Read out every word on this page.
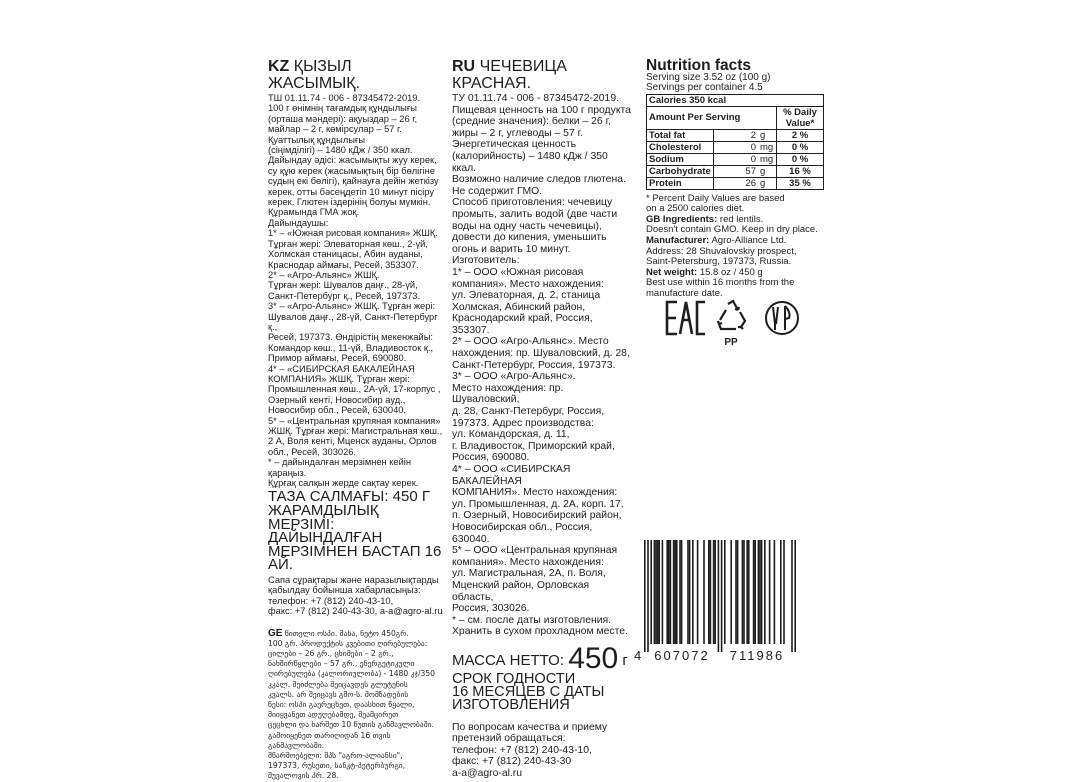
KZ ҚЫЗЫЛ ЖАСЫМЫҚ.
ТШ 01.11.74 - 006 - 87345472-2019.
100 г өнімнің тағамдық құндылығы
(орташа мәндері): ақуыздар – 26 г,
майлар – 2 г, көмірсулар – 57 г.
Қуаттылық құндылығы
(сіңімділігі) – 1480 кДж / 350 ккал.
Дайындау әдісі: жасымықты жуу керек,
су құю керек (жасымықтың бір бөлігіне
судың екі бөлігі), қайнауға дейін жеткізу
керек, отты бәсеңдетіп 10 минут пісіру
керек. Глютен іздерінің болуы мүмкін.
Құрамында ГМА жоқ.
Дайындаушы:
1* – «Южная рисовая компания» ЖШҚ.
Тұрған жері: Элеваторная көш., 2-үй,
Холмская станицасы, Абин ауданы,
Краснодар аймағы, Ресей, 353307.
2* – «Агро-Альянс» ЖШҚ.
Тұрған жері: Шувалов даңғ., 28-үй,
Санкт-Петербург қ., Ресей, 197373.
3* – «Агро-Альянс» ЖШҚ. Тұрған жері:
Шувалов даңғ., 28-үй, Санкт-Петербург қ.,
Ресей, 197373. Өндірістің мекенжайы:
Командор көш., 11-үй, Владивосток қ.,
Примор аймағы, Ресей, 690080.
4* – «СИБИРСКАЯ БАКАЛЕЙНАЯ
КОМПАНИЯ» ЖШҚ. Тұрған жері:
Промышленная көш., 2А-үй, 17-корпус ,
Озерный кенті, Новосибир ауд.,
Новосибир обл., Ресей, 630040.
5* – «Центральная крупяная компания»
ЖШҚ. Тұрған жері: Магистральная көш.,
2 А, Воля кенті, Мценск ауданы, Орлов
обл., Ресей, 303026.
* – дайындалған мерзімнен кейін
қараңыз.
Құрғақ салқын жерде сақтау керек.
ТАЗА САЛМАҒЫ: 450 Г
ЖАРАМДЫЛЫҚ МЕРЗІМІ:
ДАЙЫНДАЛҒАН
МЕРЗІМНЕН БАСТАП 16 АЙ.
Сапа сұрақтары және наразылықтарды
қабылдау бойынша хабарласыңыз:
телефон: +7 (812) 240-43-10,
факс: +7 (812) 240-43-30, a-a@agro-al.ru
GE წითელი ოსპი. მასა, ნეტო 450გრ.
100 გრ. პროდუქტის კვებითი ღირებულება:
ცილები – 26 გრ., ცხიმები – 2 გრ.,
ნახშირწყლები – 57 გრ., ენერგეტიკული
ღირებულება (კალორიულობა) - 1480 კჯ/350
კკალ. შეიძლება შეიცავდეს გლუტენის
კვალს. არ შეიცავს გმო-ს. მომზადების
წესი: ოსპი გაურეცხეთ, დაასხით წყალი,
მიიყვანეთ ადუღებამდე, შეამცირეთ
ცეცხლი და ხარშეთ 10 წუთის განმავლობაში.
გამოიყენეთ თარიღიდან 16 თვის განმავლობაში.
მწარმოებელი: შპს "აგრო-ალიანსი",
197373, რუსეთი, სანკტ-პეტერბურგი,
შუვალოვის პრ. 28.
RU ЧЕЧЕВИЦА КРАСНАЯ.
ТУ 01.11.74 - 006 - 87345472-2019.
Пищевая ценность на 100 г продукта
(средние значения): белки – 26 г,
жиры – 2 г, углеводы – 57 г.
Энергетическая ценность
(калорийность) – 1480 кДж / 350 ккал.
Возможно наличие следов глютена.
Не содержит ГМО.
Способ приготовления: чечевицу
промыть, залить водой (две части
воды на одну часть чечевицы),
довести до кипения, уменьшить
огонь и варить 10 минут.
Изготовитель:
1* – ООО «Южная рисовая
компания». Место нахождения:
ул. Элеваторная, д. 2, станица
Холмская, Абинский район,
Краснодарский край, Россия, 353307.
2* – ООО «Агро-Альянс». Место
нахождения: пр. Шуваловский, д. 28,
Санкт-Петербург, Россия, 197373.
3* – ООО «Агро-Альянс».
Место нахождения: пр. Шуваловский,
д. 28, Санкт-Петербург, Россия,
197373. Адрес производства:
ул. Командорская, д. 11,
г. Владивосток, Приморский край,
Россия, 690080.
4* – ООО «СИБИРСКАЯ БАКАЛЕЙНАЯ
КОМПАНИЯ». Место нахождения:
ул. Промышленная, д. 2А, корп. 17,
п. Озерный, Новосибирский район,
Новосибирская обл., Россия, 630040.
5* – ООО «Центральная крупяная
компания». Место нахождения:
ул. Магистральная, 2А, п. Воля,
Мценский район, Орловская область,
Россия, 303026.
* – см. после даты изготовления.
Хранить в сухом прохладном месте.
МАССА НЕТТО: 450 г
СРОК ГОДНОСТИ
16 МЕСЯЦЕВ С ДАТЫ
ИЗГОТОВЛЕНИЯ
По вопросам качества и приему
претензий обращаться:
телефон: +7 (812) 240-43-10,
факс: +7 (812) 240-43-30
a-a@agro-al.ru
Nutrition facts
Serving size 3.52 oz (100 g)
Servings per container 4.5
Calories 350 kcal			
Amount Per Serving			% Daily Value*
Total fat	2	g	2 %
Cholesterol	0	mg	0 %
Sodium	0	mg	0 %
Carbohydrate	57	g	16 %
Protein	26	g	35 %
* Percent Daily Values are based
on a 2500 calories diet.
GB Ingredients: red lentils.
Doesn't contain GMO. Keep in dry place.
Manufacturer: Agro-Alliance Ltd.
Address: 28 Shuvalovskiy prospect,
Saint-Petersburg, 197373, Russia.
Net weight: 15.8 oz / 450 g
Best use within 16 months from the
manufacture date.
PP
4 607072 711986
